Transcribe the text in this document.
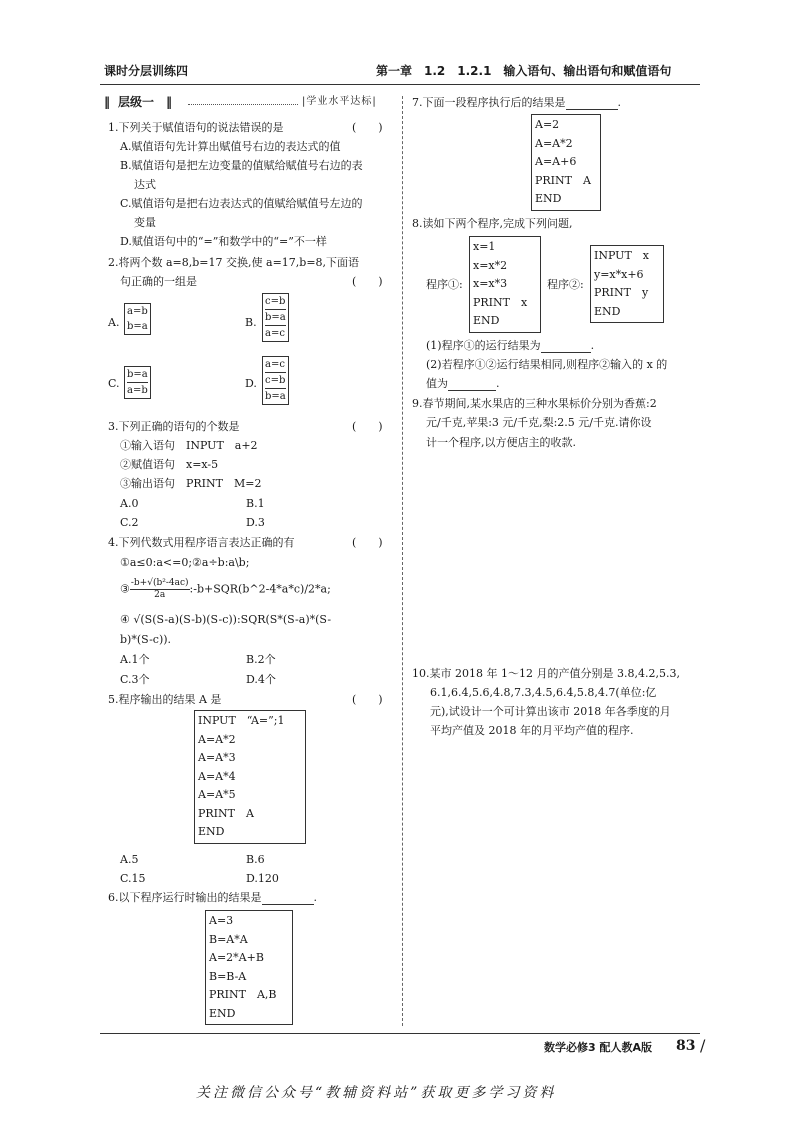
课时分层训练四	第一章　1.2　1.2.1　输入语句、输出语句和赋值语句
‖ 层级一 ‖	|学业水平达标|
1.下列关于赋值语句的说法错误的是	(　　)
A.赋值语句先计算出赋值号右边的表达式的值
B.赋值语句是把左边变量的值赋给赋值号右边的表
达式
C.赋值语句是把右边表达式的值赋给赋值号左边的
变量
D.赋值语句中的“=”和数学中的“=”不一样
2.将两个数 a=8,b=17 交换,使 a=17,b=8,下面语
句正确的一组是	(　　)
A.
a=b
b=a	B.
c=b
b=a
a=c
C.
b=a
a=b
D.
a=c
c=b
b=a
3.下列正确的语句的个数是	(　　)
①输入语句　INPUT　a+2
②赋值语句　x=x-5
③输出语句　PRINT　M=2
A.0	B.1
C.2	D.3
4.下列代数式用程序语言表达正确的有	(　　)
①a≤0:a<=0;②a÷b:a\b;
③ $\frac{\text{-b+√(b²-4ac)}}{2a}$ :-b+SQR(b^2-4*a*c)/2*a;
④ √(S(S-a)(S-b)(S-c)):SQR(S*(S-a)*(S-
b)*(S-c)).
A.1个	B.2个
C.3个	D.4个
5.程序输出的结果 A 是	(　　)
INPUT　“A=”;1
A=A*2
A=A*3
A=A*4
A=A*5
PRINT　A
END
A.5	B.6
C.15	D.120
6.以下程序运行时输出的结果是	.
A=3
B=A*A
A=2*A+B
B=B-A
PRINT　A,B
END
7.下面一段程序执行后的结果是	.
A=2
A=A*2
A=A+6
PRINT　A
END
8.读如下两个程序,完成下列问题,
程序①:
x=1
x=x*2
x=x*3
PRINT　x
END
程序②:
INPUT　x
y=x*x+6
PRINT　y
END
(1)程序①的运行结果为	.
(2)若程序①②运行结果相同,则程序②输入的 x 的
值为	.
9.春节期间,某水果店的三种水果标价分别为香蕉:2
元/千克,苹果:3 元/千克,梨:2.5 元/千克.请你设
计一个程序,以方便店主的收款.
10.某市 2018 年 1～12 月的产值分别是 3.8,4.2,5.3,
6.1,6.4,5.6,4.8,7.3,4.5,6.4,5.8,4.7(单位:亿
元),试设计一个可计算出该市 2018 年各季度的月
平均产值及 2018 年的月平均产值的程序.
数学必修3 配人教A版 83 /
关注微信公众号“教辅资料站”获取更多学习资料
